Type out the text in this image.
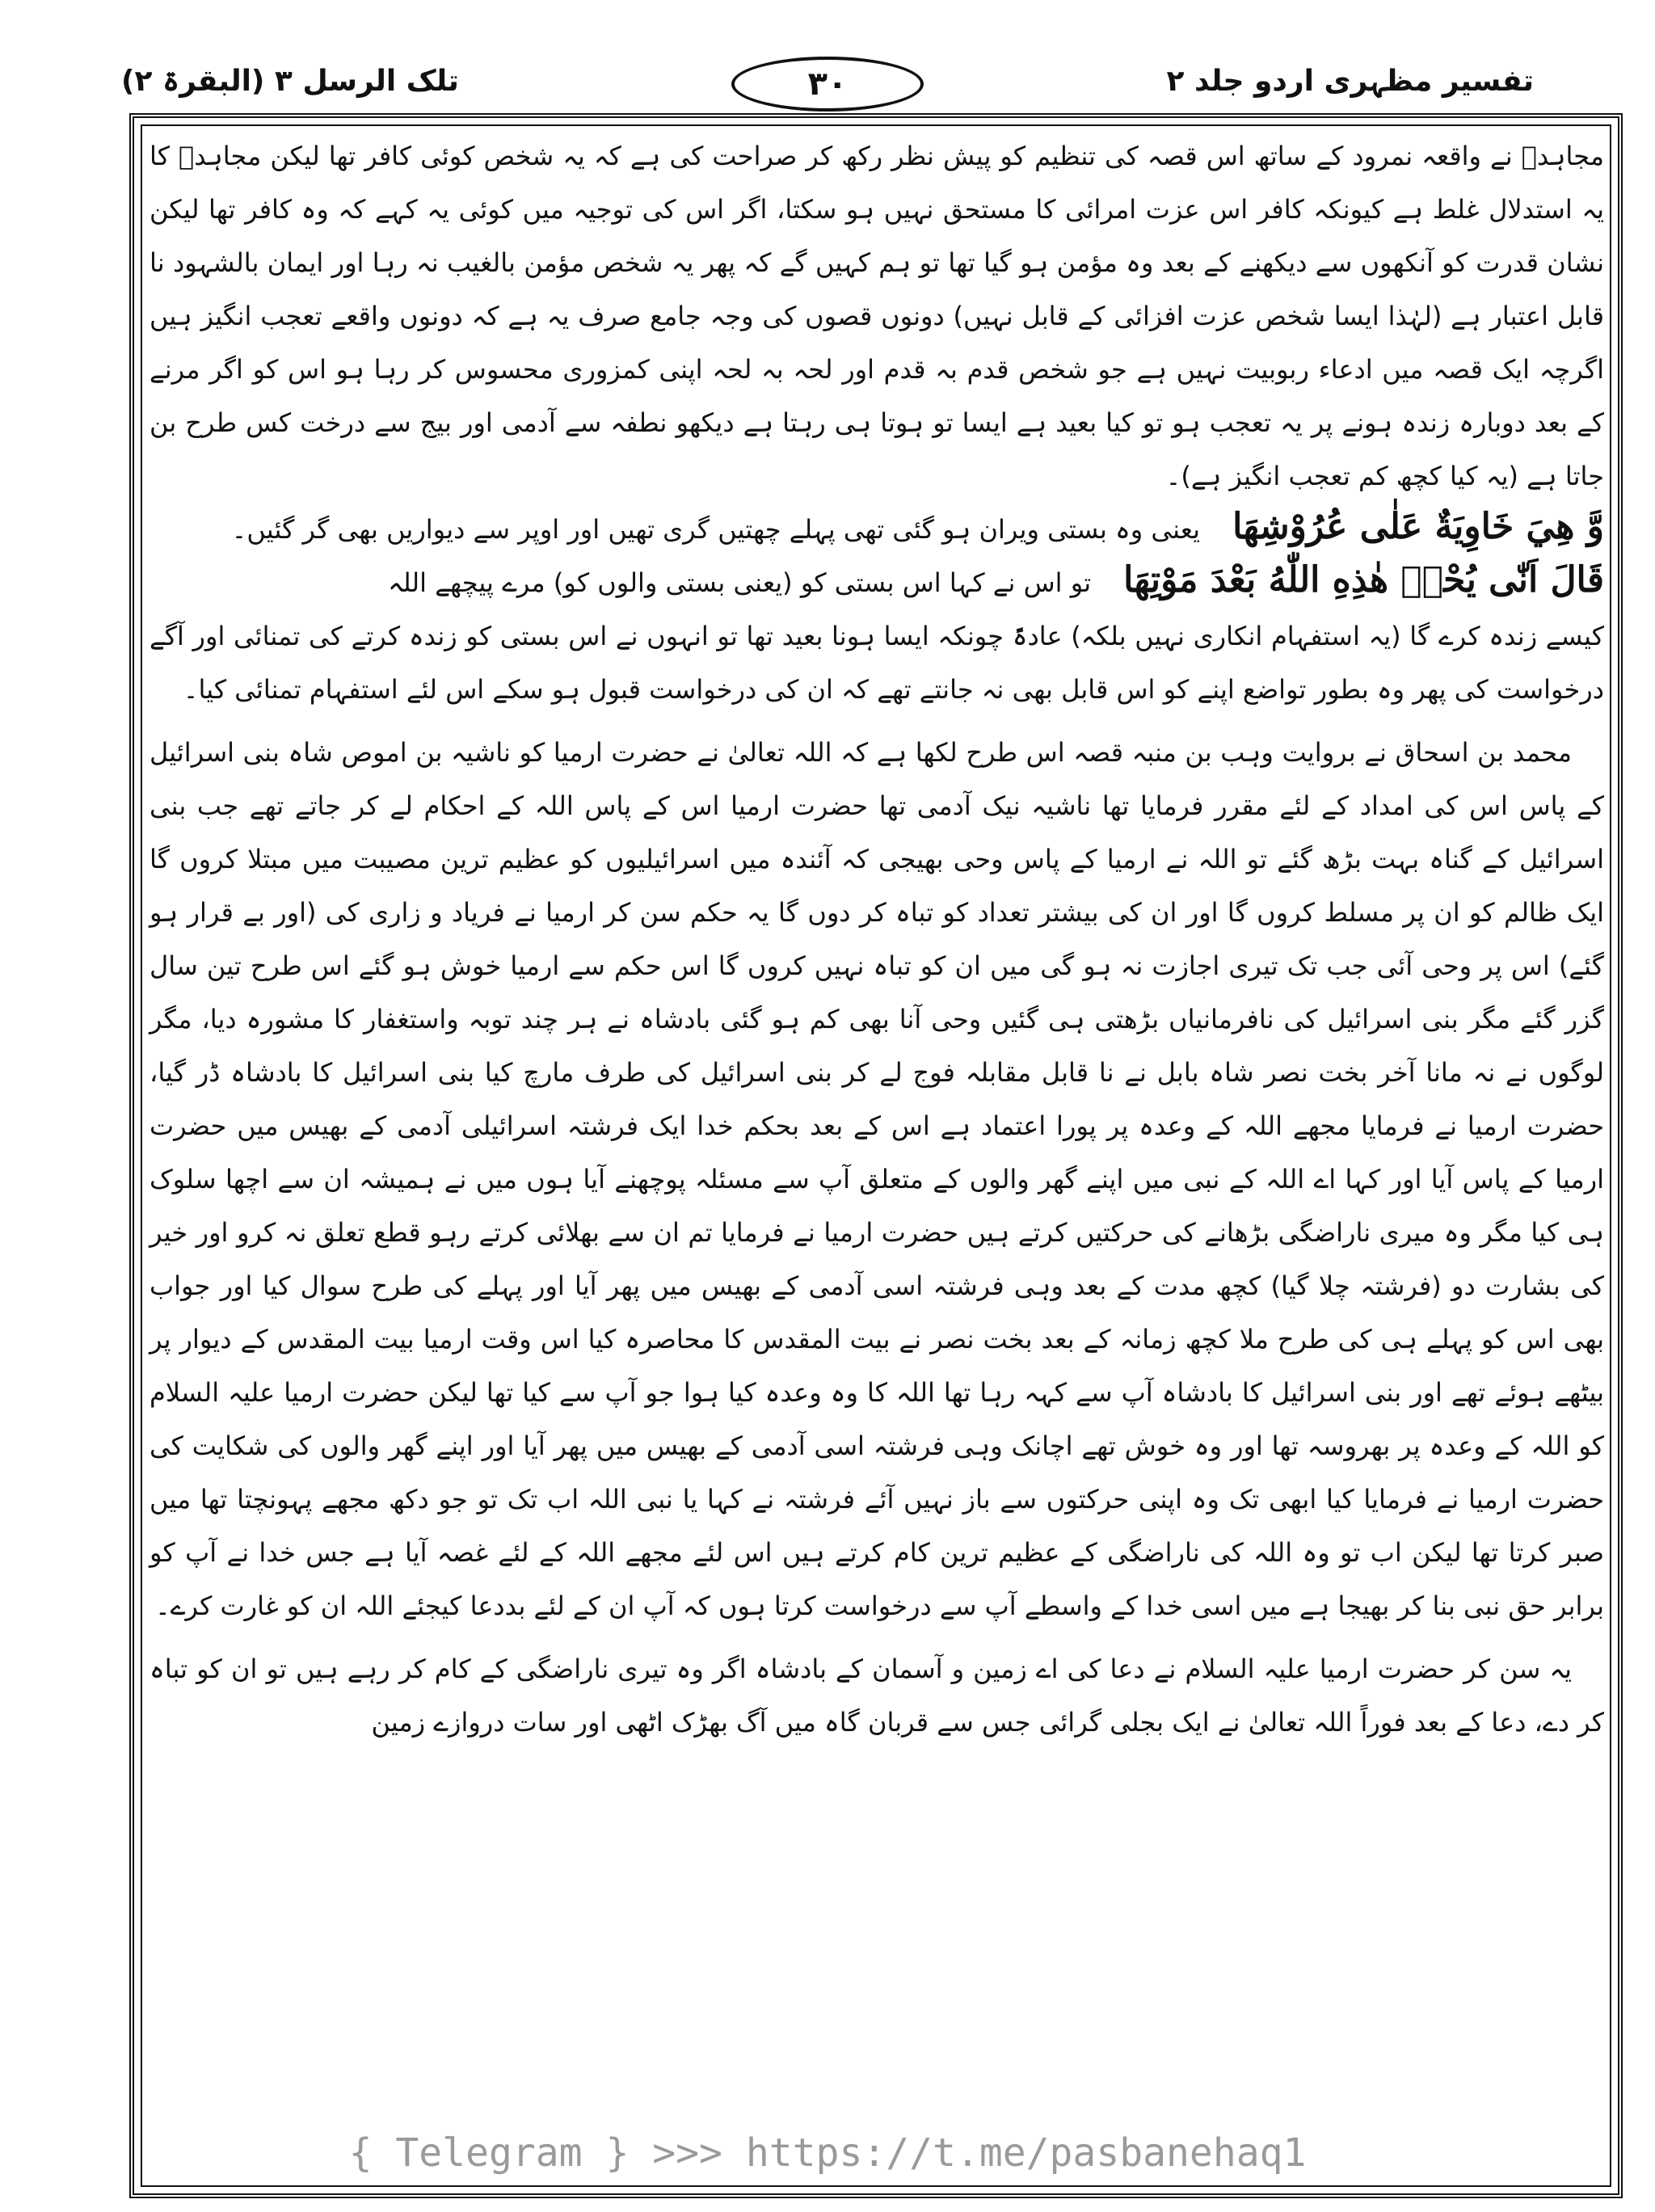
تفسیر مظہری اردو جلد ۲
۳۰
تلک الرسل ۳ (البقرۃ ۲)

مجاہدؒ نے واقعہ نمرود کے ساتھ اس قصہ کی تنظیم کو پیش نظر رکھ کر صراحت کی ہے کہ یہ شخص کوئی کافر تھا لیکن مجاہدؒ کا یہ استدلال غلط ہے کیونکہ کافر اس عزت امرائی کا مستحق نہیں ہو سکتا، اگر اس کی توجیہ میں کوئی یہ کہے کہ وہ کافر تھا لیکن نشان قدرت کو آنکھوں سے دیکھنے کے بعد وہ مؤمن ہو گیا تھا تو ہم کہیں گے کہ پھر یہ شخص مؤمن بالغیب نہ رہا اور ایمان بالشہود نا قابل اعتبار ہے (لہٰذا ایسا شخص عزت افزائی کے قابل نہیں) دونوں قصوں کی وجہ جامع صرف یہ ہے کہ دونوں واقعے تعجب انگیز ہیں اگرچہ ایک قصہ میں ادعاء ربوبیت نہیں ہے جو شخص قدم بہ قدم اور لحہ بہ لحہ اپنی کمزوری محسوس کر رہا ہو اس کو اگر مرنے کے بعد دوبارہ زندہ ہونے پر یہ تعجب ہو تو کیا بعید ہے ایسا تو ہوتا ہی رہتا ہے دیکھو نطفہ سے آدمی اور بیج سے درخت کس طرح بن جاتا ہے (یہ کیا کچھ کم تعجب انگیز ہے)۔

وَّ هِيَ خَاوِيَةٌ عَلٰى عُرُوْشِهَا
یعنی وہ بستی ویران ہو گئی تھی پہلے چھتیں گری تھیں اور اوپر سے دیواریں بھی گر گئیں۔
قَالَ اَنّٰى يُحْيٖ هٰذِهِ اللّٰهُ بَعْدَ مَوْتِهَا
تو اس نے کہا اس بستی کو (یعنی بستی والوں کو) مرے پیچھے اللہ

کیسے زندہ کرے گا (یہ استفہام انکاری نہیں بلکہ) عادۃً چونکہ ایسا ہونا بعید تھا تو انہوں نے اس بستی کو زندہ کرتے کی تمنائی اور آگے درخواست کی پھر وہ بطور تواضع اپنے کو اس قابل بھی نہ جانتے تھے کہ ان کی درخواست قبول ہو سکے اس لئے استفہام تمنائی کیا۔

محمد بن اسحاق نے بروایت وہب بن منبہ قصہ اس طرح لکھا ہے کہ اللہ تعالیٰ نے حضرت ارمیا کو ناشیہ بن اموص شاہ بنی اسرائیل کے پاس اس کی امداد کے لئے مقرر فرمایا تھا ناشیہ نیک آدمی تھا حضرت ارمیا اس کے پاس اللہ کے احکام لے کر جاتے تھے جب بنی اسرائیل کے گناہ بہت بڑھ گئے تو اللہ نے ارمیا کے پاس وحی بھیجی کہ آئندہ میں اسرائیلیوں کو عظیم ترین مصیبت میں مبتلا کروں گا ایک ظالم کو ان پر مسلط کروں گا اور ان کی بیشتر تعداد کو تباہ کر دوں گا یہ حکم سن کر ارمیا نے فریاد و زاری کی (اور بے قرار ہو گئے) اس پر وحی آئی جب تک تیری اجازت نہ ہو گی میں ان کو تباہ نہیں کروں گا اس حکم سے ارمیا خوش ہو گئے اس طرح تین سال گزر گئے مگر بنی اسرائیل کی نافرمانیاں بڑھتی ہی گئیں وحی آنا بھی کم ہو گئی بادشاہ نے ہر چند توبہ واستغفار کا مشورہ دیا، مگر لوگوں نے نہ مانا آخر بخت نصر شاہ بابل نے نا قابل مقابلہ فوج لے کر بنی اسرائیل کی طرف مارچ کیا بنی اسرائیل کا بادشاہ ڈر گیا، حضرت ارمیا نے فرمایا مجھے اللہ کے وعدہ پر پورا اعتماد ہے اس کے بعد بحکم خدا ایک فرشتہ اسرائیلی آدمی کے بھیس میں حضرت ارمیا کے پاس آیا اور کہا اے اللہ کے نبی میں اپنے گھر والوں کے متعلق آپ سے مسئلہ پوچھنے آیا ہوں میں نے ہمیشہ ان سے اچھا سلوک ہی کیا مگر وہ میری ناراضگی بڑھانے کی حرکتیں کرتے ہیں حضرت ارمیا نے فرمایا تم ان سے بھلائی کرتے رہو قطع تعلق نہ کرو اور خیر کی بشارت دو (فرشتہ چلا گیا) کچھ مدت کے بعد وہی فرشتہ اسی آدمی کے بھیس میں پھر آیا اور پہلے کی طرح سوال کیا اور جواب بھی اس کو پہلے ہی کی طرح ملا کچھ زمانہ کے بعد بخت نصر نے بیت المقدس کا محاصرہ کیا اس وقت ارمیا بیت المقدس کے دیوار پر بیٹھے ہوئے تھے اور بنی اسرائیل کا بادشاہ آپ سے کہہ رہا تھا اللہ کا وہ وعدہ کیا ہوا جو آپ سے کیا تھا لیکن حضرت ارمیا علیہ السلام کو اللہ کے وعدہ پر بھروسہ تھا اور وہ خوش تھے اچانک وہی فرشتہ اسی آدمی کے بھیس میں پھر آیا اور اپنے گھر والوں کی شکایت کی حضرت ارمیا نے فرمایا کیا ابھی تک وہ اپنی حرکتوں سے باز نہیں آئے فرشتہ نے کہا یا نبی اللہ اب تک تو جو دکھ مجھے پہونچتا تھا میں صبر کرتا تھا لیکن اب تو وہ اللہ کی ناراضگی کے عظیم ترین کام کرتے ہیں اس لئے مجھے اللہ کے لئے غصہ آیا ہے جس خدا نے آپ کو برابر حق نبی بنا کر بھیجا ہے میں اسی خدا کے واسطے آپ سے درخواست کرتا ہوں کہ آپ ان کے لئے بددعا کیجئے اللہ ان کو غارت کرے۔

یہ سن کر حضرت ارمیا علیہ السلام نے دعا کی اے زمین و آسمان کے بادشاہ اگر وہ تیری ناراضگی کے کام کر رہے ہیں تو ان کو تباہ کر دے، دعا کے بعد فوراً اللہ تعالیٰ نے ایک بجلی گرائی جس سے قربان گاہ میں آگ بھڑک اٹھی اور سات دروازے زمین

{ Telegram } >>> https://t.me/pasbanehaq1
